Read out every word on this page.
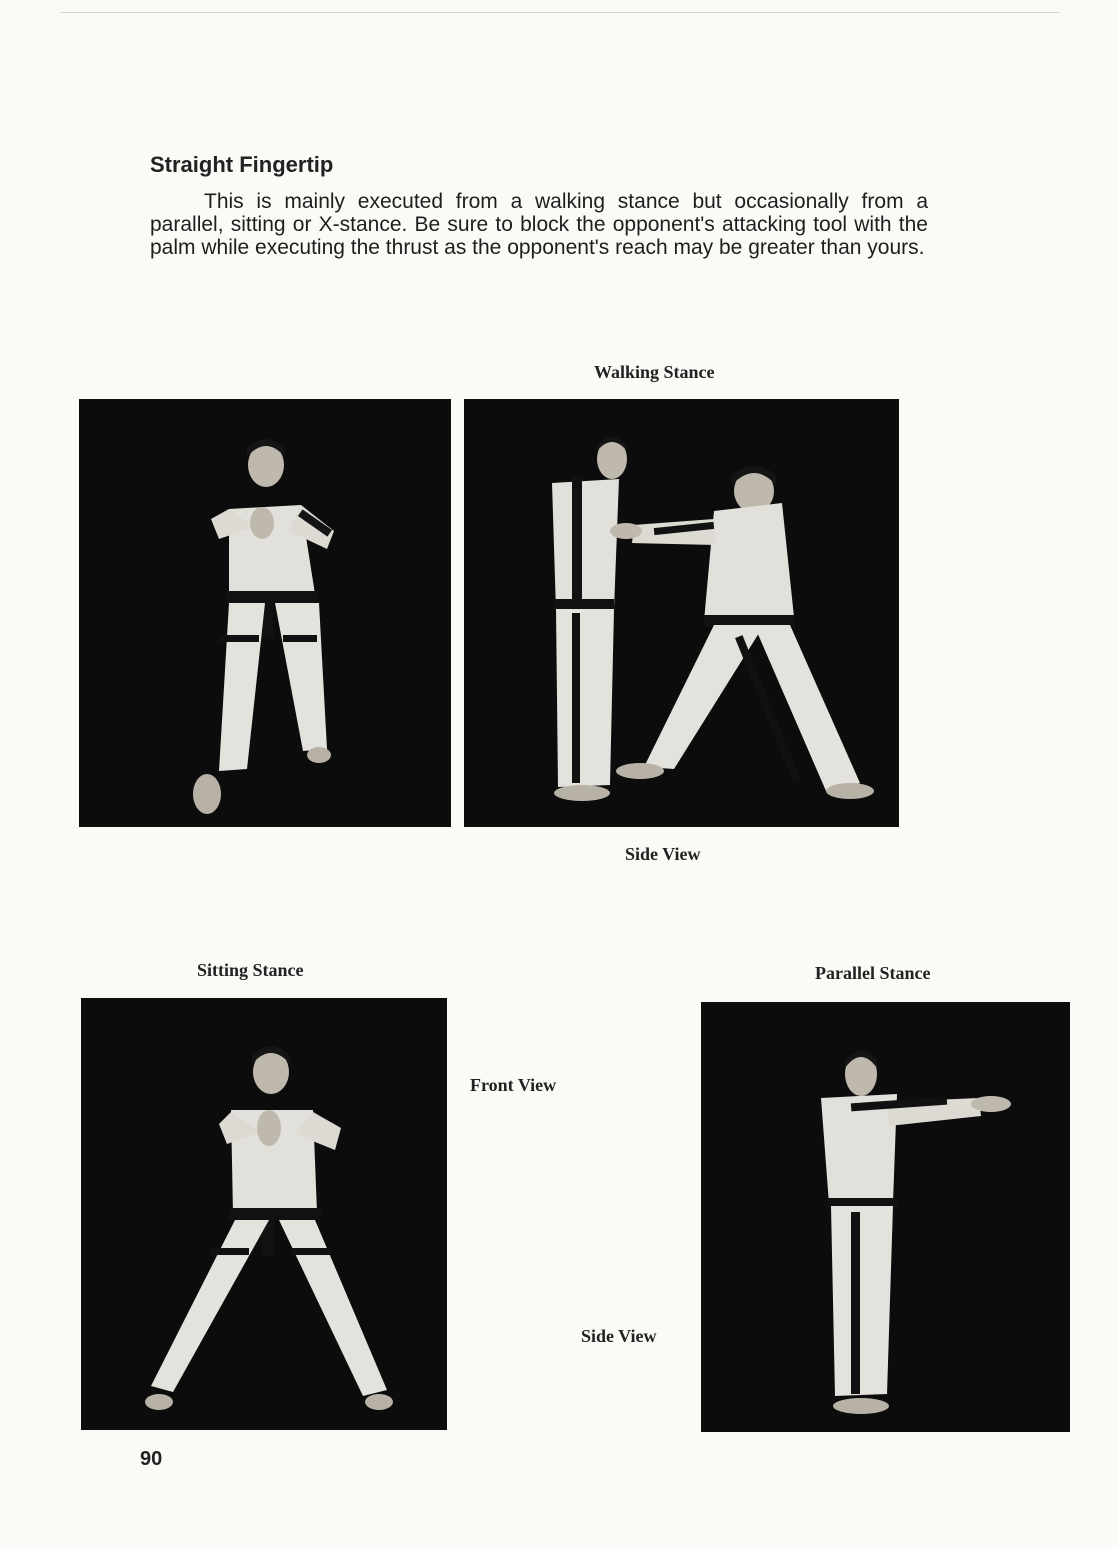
Straight Fingertip

This is mainly executed from a walking stance but occasionally from a parallel, sitting or X-stance. Be sure to block the opponent's attacking tool with the palm while executing the thrust as the opponent's reach may be greater than yours.

Walking Stance
Side View
Sitting Stance	Parallel Stance
Front View
Side View
90
